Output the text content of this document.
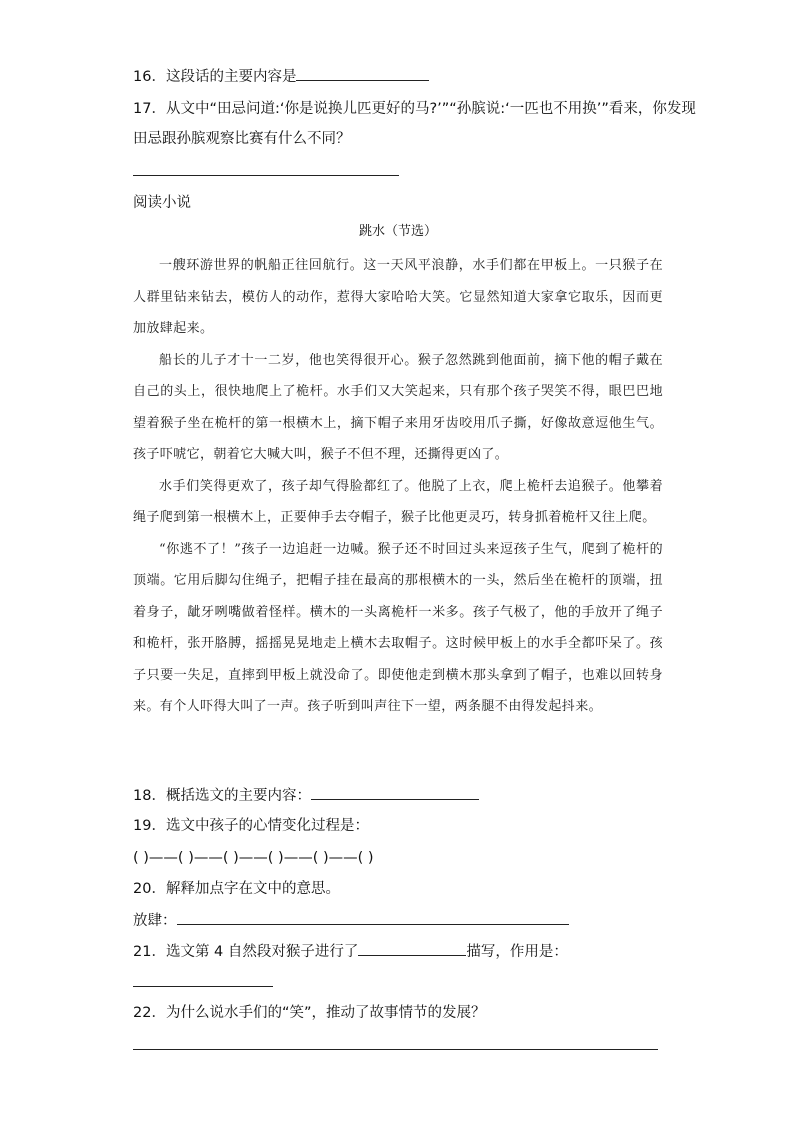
16．这段话的主要内容是
17．从文中“田忌问道:‘你是说换儿匹更好的马?’”“孙膑说:‘一匹也不用换’”看来，你发现
田忌跟孙膑观察比赛有什么不同？
阅读小说
跳水（节选）

一艘环游世界的帆船正往回航行。这一天风平浪静，水手们都在甲板上。一只猴子在人群里钻来钻去，模仿人的动作，惹得大家哈哈大笑。它显然知道大家拿它取乐，因而更加放肆起来。

船长的儿子才十一二岁，他也笑得很开心。猴子忽然跳到他面前，摘下他的帽子戴在自己的头上，很快地爬上了桅杆。水手们又大笑起来，只有那个孩子哭笑不得，眼巴巴地望着猴子坐在桅杆的第一根横木上，摘下帽子来用牙齿咬用爪子撕，好像故意逗他生气。孩子吓唬它，朝着它大喊大叫，猴子不但不理，还撕得更凶了。

水手们笑得更欢了，孩子却气得脸都红了。他脱了上衣，爬上桅杆去追猴子。他攀着绳子爬到第一根横木上，正要伸手去夺帽子，猴子比他更灵巧，转身抓着桅杆又往上爬。

“你逃不了！”孩子一边追赶一边喊。猴子还不时回过头来逗孩子生气，爬到了桅杆的顶端。它用后脚勾住绳子，把帽子挂在最高的那根横木的一头，然后坐在桅杆的顶端，扭着身子，龇牙咧嘴做着怪样。横木的一头离桅杆一米多。孩子气极了，他的手放开了绳子和桅杆，张开胳膊，摇摇晃晃地走上横木去取帽子。这时候甲板上的水手全都吓呆了。孩子只要一失足，直摔到甲板上就没命了。即使他走到横木那头拿到了帽子，也难以回转身来。有个人吓得大叫了一声。孩子听到叫声往下一望，两条腿不由得发起抖来。

18．概括选文的主要内容：
19．选文中孩子的心情变化过程是：
( )——( )——( )——( )——( )——( )
20．解释加点字在文中的意思。
放肆：
21．选文第 4 自然段对猴子进行了	描写，作用是：
22．为什么说水手们的“笑”，推动了故事情节的发展？
